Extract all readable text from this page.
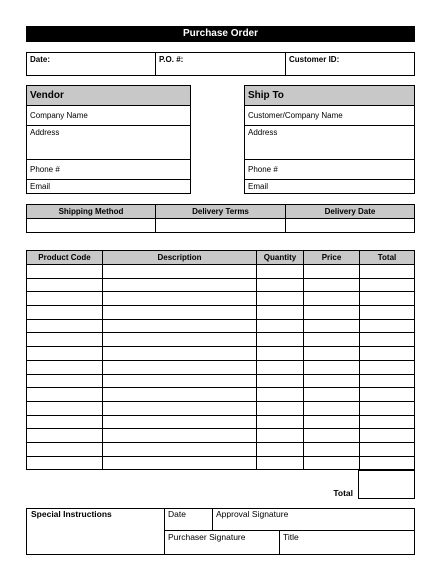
Purchase Order
Date:	P.O. #:	Customer ID:
Vendor
Company Name
Address
Phone #
Email
Ship To
Customer/Company Name
Address
Phone #
Email
Shipping Method	Delivery Terms	Delivery Date

Product Code	Description	Quantity	Price	Total

Total
Special Instructions	Date	Approval Signature
Purchaser Signature	Title
